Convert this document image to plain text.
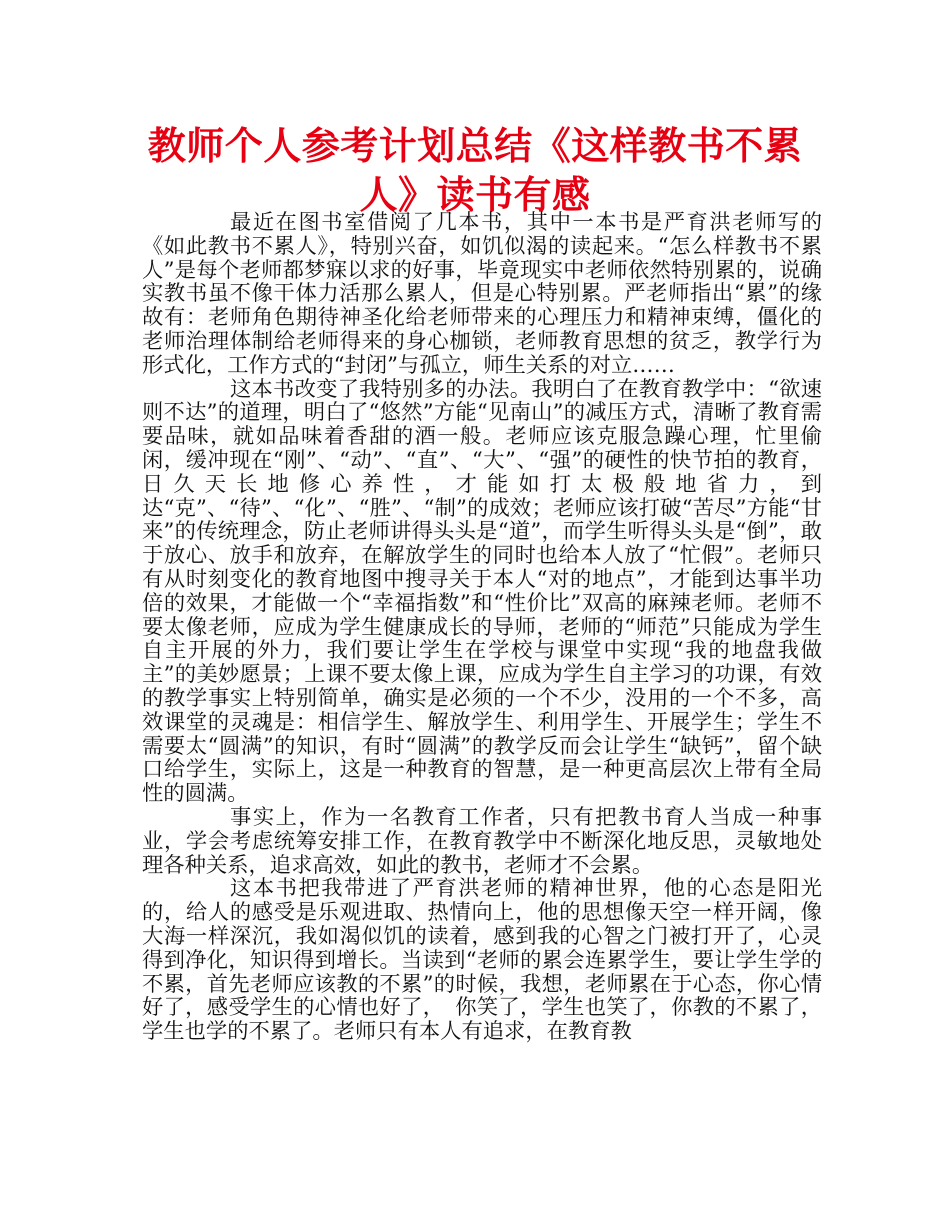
教师个人参考计划总结《这样教书不累人》读书有感

最近在图书室借阅了几本书，其中一本书是严育洪老师写的《如此教书不累人》，特别兴奋，如饥似渴的读起来。“怎么样教书不累人”是每个老师都梦寐以求的好事，毕竟现实中老师依然特别累的，说确实教书虽不像干体力活那么累人，但是心特别累。严老师指出“累”的缘故有：老师角色期待神圣化给老师带来的心理压力和精神束缚，僵化的老师治理体制给老师得来的身心枷锁，老师教育思想的贫乏，教学行为形式化，工作方式的“封闭”与孤立，师生关系的对立……

这本书改变了我特别多的办法。我明白了在教育教学中：“欲速则不达”的道理，明白了“悠然”方能“见南山”的减压方式，清晰了教育需要品味，就如品味着香甜的酒一般。老师应该克服急躁心理，忙里偷闲，缓冲现在“刚”、“动”、“直”、“大”、“强”的硬性的快节拍的教育，日久天长地修心养性，才能如打太极般地省力，到达“克”、“待”、“化”、“胜”、“制”的成效；老师应该打破“苦尽”方能“甘来”的传统理念，防止老师讲得头头是“道”，而学生听得头头是“倒”，敢于放心、放手和放弃，在解放学生的同时也给本人放了“忙假”。老师只有从时刻变化的教育地图中搜寻关于本人“对的地点”，才能到达事半功倍的效果，才能做一个“幸福指数”和“性价比”双高的麻辣老师。老师不要太像老师，应成为学生健康成长的导师，老师的“师范”只能成为学生自主开展的外力，我们要让学生在学校与课堂中实现“我的地盘我做主”的美妙愿景；上课不要太像上课，应成为学生自主学习的功课，有效的教学事实上特别简单，确实是必须的一个不少，没用的一个不多，高效课堂的灵魂是：相信学生、解放学生、利用学生、开展学生；学生不需要太“圆满”的知识，有时“圆满”的教学反而会让学生“缺钙”，留个缺口给学生，实际上，这是一种教育的智慧，是一种更高层次上带有全局性的圆满。

事实上，作为一名教育工作者，只有把教书育人当成一种事业，学会考虑统筹安排工作，在教育教学中不断深化地反思，灵敏地处理各种关系，追求高效，如此的教书，老师才不会累。

这本书把我带进了严育洪老师的精神世界，他的心态是阳光的，给人的感受是乐观进取、热情向上，他的思想像天空一样开阔，像大海一样深沉，我如渴似饥的读着，感到我的心智之门被打开了，心灵得到净化，知识得到增长。当读到“老师的累会连累学生，要让学生学的不累，首先老师应该教的不累”的时候，我想，老师累在于心态，你心情好了，感受学生的心情也好了，　你笑了，学生也笑了，你教的不累了，学生也学的不累了。老师只有本人有追求，在教育教
